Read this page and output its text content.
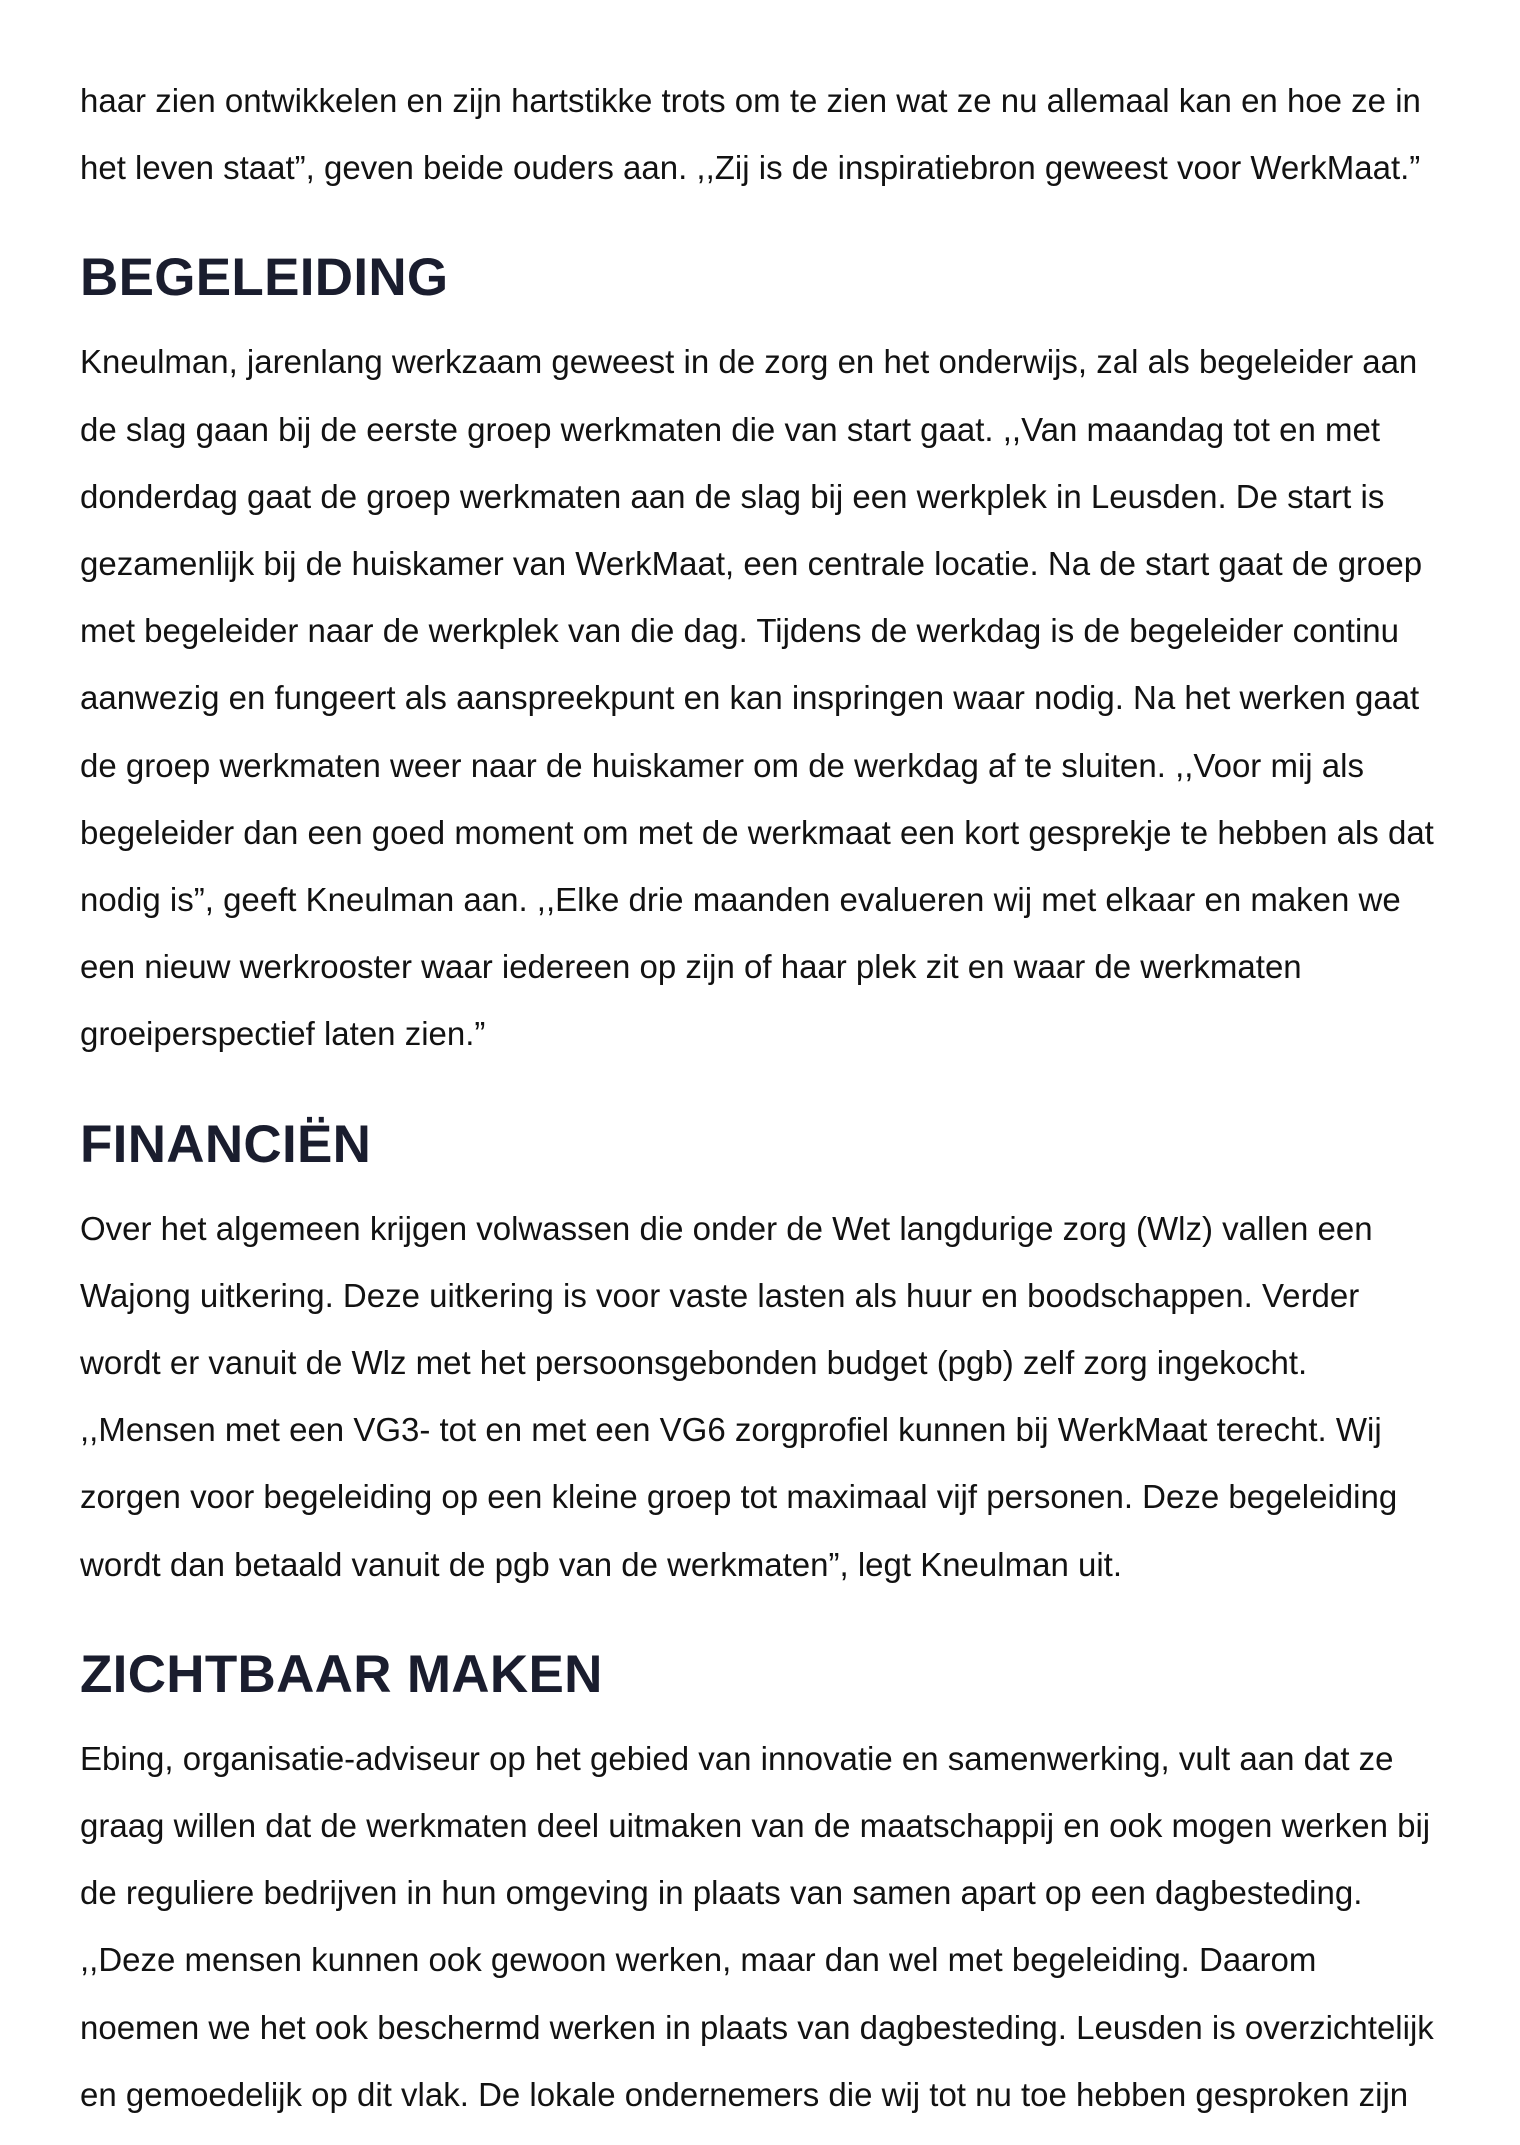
haar zien ontwikkelen en zijn hartstikke trots om te zien wat ze nu allemaal kan en hoe ze in
het leven staat”, geven beide ouders aan. ,,Zij is de inspiratiebron geweest voor WerkMaat.”

BEGELEIDING

Kneulman, jarenlang werkzaam geweest in de zorg en het onderwijs, zal als begeleider aan
de slag gaan bij de eerste groep werkmaten die van start gaat. ,,Van maandag tot en met
donderdag gaat de groep werkmaten aan de slag bij een werkplek in Leusden. De start is
gezamenlijk bij de huiskamer van WerkMaat, een centrale locatie. Na de start gaat de groep
met begeleider naar de werkplek van die dag. Tijdens de werkdag is de begeleider continu
aanwezig en fungeert als aanspreekpunt en kan inspringen waar nodig. Na het werken gaat
de groep werkmaten weer naar de huiskamer om de werkdag af te sluiten. ,,Voor mij als
begeleider dan een goed moment om met de werkmaat een kort gesprekje te hebben als dat
nodig is”, geeft Kneulman aan. ,,Elke drie maanden evalueren wij met elkaar en maken we
een nieuw werkrooster waar iedereen op zijn of haar plek zit en waar de werkmaten
groeiperspectief laten zien.”

FINANCIËN

Over het algemeen krijgen volwassen die onder de Wet langdurige zorg (Wlz) vallen een
Wajong uitkering. Deze uitkering is voor vaste lasten als huur en boodschappen. Verder
wordt er vanuit de Wlz met het persoonsgebonden budget (pgb) zelf zorg ingekocht.
,,Mensen met een VG3- tot en met een VG6 zorgprofiel kunnen bij WerkMaat terecht. Wij
zorgen voor begeleiding op een kleine groep tot maximaal vijf personen. Deze begeleiding
wordt dan betaald vanuit de pgb van de werkmaten”, legt Kneulman uit.

ZICHTBAAR MAKEN

Ebing, organisatie-adviseur op het gebied van innovatie en samenwerking, vult aan dat ze
graag willen dat de werkmaten deel uitmaken van de maatschappij en ook mogen werken bij
de reguliere bedrijven in hun omgeving in plaats van samen apart op een dagbesteding.
,,Deze mensen kunnen ook gewoon werken, maar dan wel met begeleiding. Daarom
noemen we het ook beschermd werken in plaats van dagbesteding. Leusden is overzichtelijk
en gemoedelijk op dit vlak. De lokale ondernemers die wij tot nu toe hebben gesproken zijn
